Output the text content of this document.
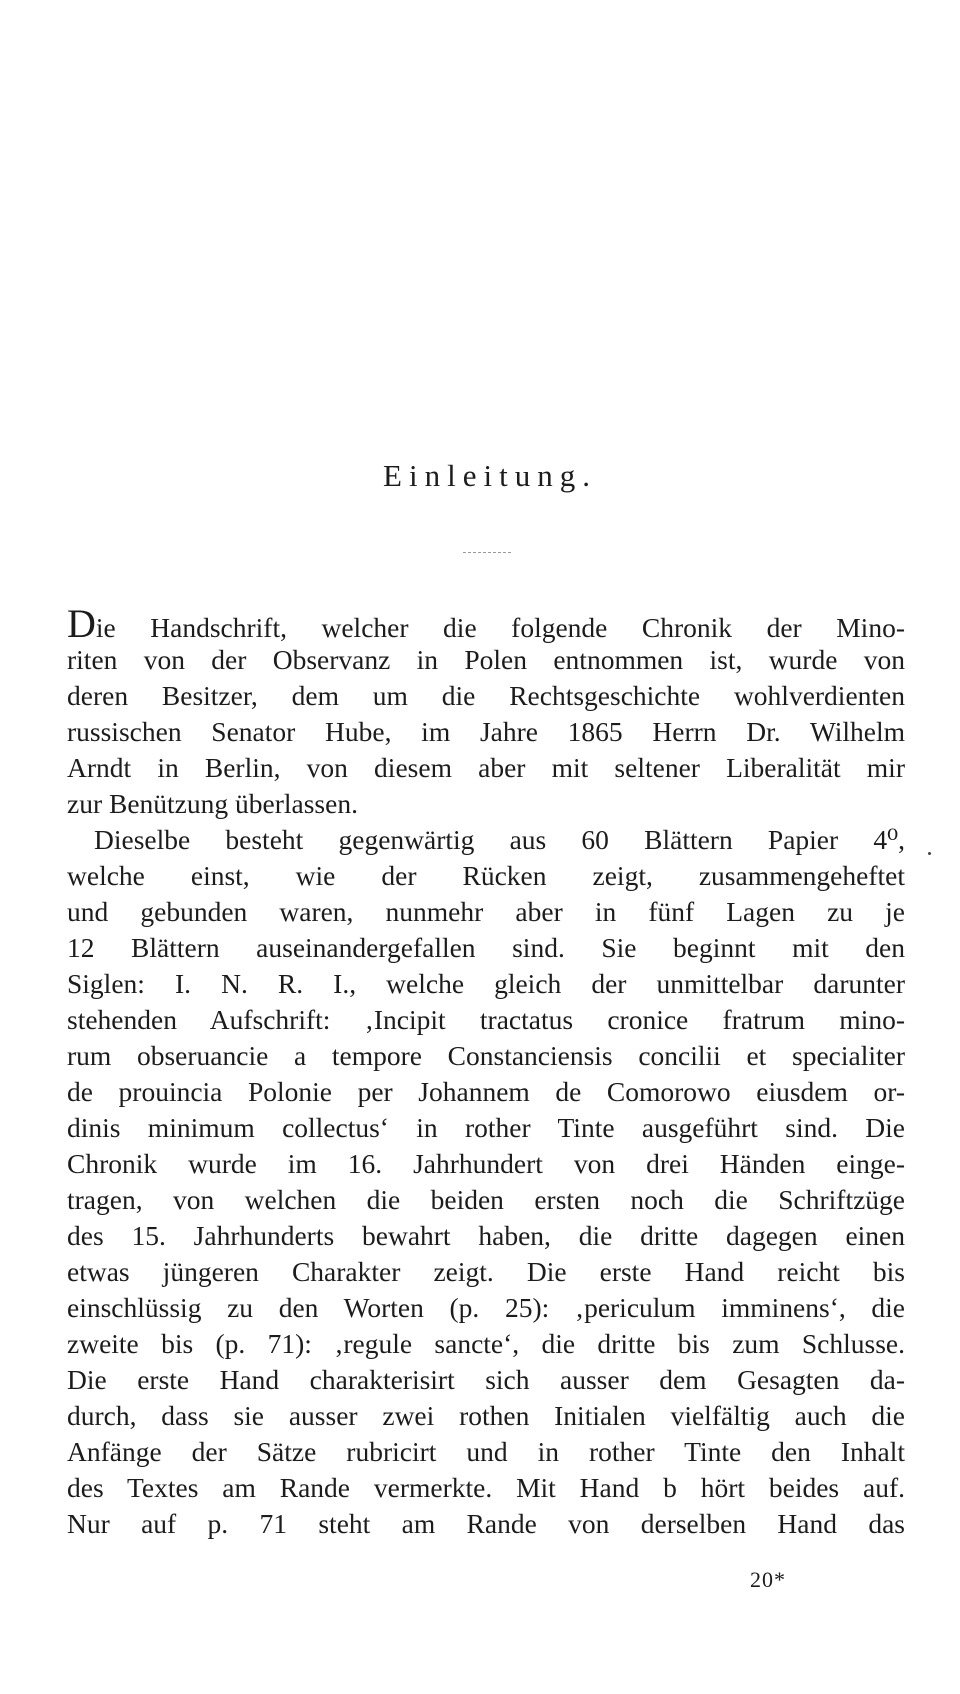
Einleitung.
Die Handschrift, welcher die folgende Chronik der Mino-
riten von der Observanz in Polen entnommen ist, wurde von
deren Besitzer, dem um die Rechtsgeschichte wohlverdienten
russischen Senator Hube, im Jahre 1865 Herrn Dr. Wilhelm
Arndt in Berlin, von diesem aber mit seltener Liberalität mir
zur Benützung überlassen.
Dieselbe besteht gegenwärtig aus 60 Blättern Papier 4⁰,
welche einst, wie der Rücken zeigt, zusammengeheftet
und gebunden waren, nunmehr aber in fünf Lagen zu je
12 Blättern auseinandergefallen sind. Sie beginnt mit den
Siglen: I. N. R. I., welche gleich der unmittelbar darunter
stehenden Aufschrift: ‚Incipit tractatus cronice fratrum mino-
rum obseruancie a tempore Constanciensis concilii et specialiter
de prouincia Polonie per Johannem de Comorowo eiusdem or-
dinis minimum collectus‘ in rother Tinte ausgeführt sind. Die
Chronik wurde im 16. Jahrhundert von drei Händen einge-
tragen, von welchen die beiden ersten noch die Schriftzüge
des 15. Jahrhunderts bewahrt haben, die dritte dagegen einen
etwas jüngeren Charakter zeigt. Die erste Hand reicht bis
einschlüssig zu den Worten (p. 25): ‚periculum imminens‘, die
zweite bis (p. 71): ‚regule sancte‘, die dritte bis zum Schlusse.
Die erste Hand charakterisirt sich ausser dem Gesagten da-
durch, dass sie ausser zwei rothen Initialen vielfältig auch die
Anfänge der Sätze rubricirt und in rother Tinte den Inhalt
des Textes am Rande vermerkte. Mit Hand b hört beides auf.
Nur auf p. 71 steht am Rande von derselben Hand das
20*
